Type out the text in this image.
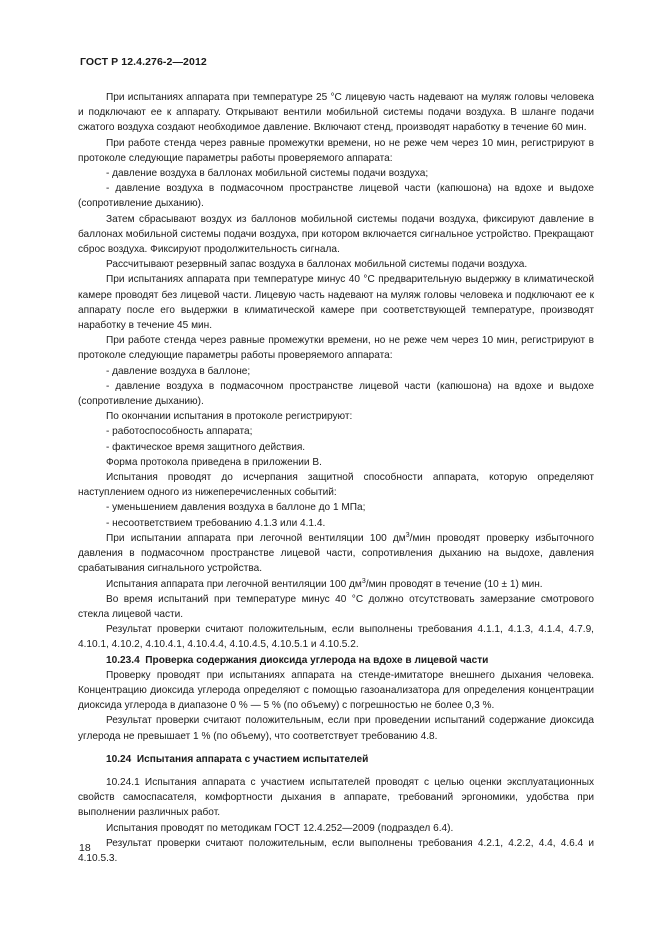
ГОСТ Р 12.4.276-2—2012

При испытаниях аппарата при температуре 25 °С лицевую часть надевают на муляж головы человека и подключают ее к аппарату. Открывают вентили мобильной системы подачи воздуха. В шланге подачи сжатого воздуха создают необходимое давление. Включают стенд, производят наработку в течение 60 мин.

При работе стенда через равные промежутки времени, но не реже чем через 10 мин, регистрируют в протоколе следующие параметры работы проверяемого аппарата:

- давление воздуха в баллонах мобильной системы подачи воздуха;

- давление воздуха в подмасочном пространстве лицевой части (капюшона) на вдохе и выдохе (сопротивление дыханию).

Затем сбрасывают воздух из баллонов мобильной системы подачи воздуха, фиксируют давление в баллонах мобильной системы подачи воздуха, при котором включается сигнальное устройство. Прекращают сброс воздуха. Фиксируют продолжительность сигнала.

Рассчитывают резервный запас воздуха в баллонах мобильной системы подачи воздуха.

При испытаниях аппарата при температуре минус 40 °С предварительную выдержку в климатической камере проводят без лицевой части. Лицевую часть надевают на муляж головы человека и подключают ее к аппарату после его выдержки в климатической камере при соответствующей температуре, производят наработку в течение 45 мин.

При работе стенда через равные промежутки времени, но не реже чем через 10 мин, регистрируют в протоколе следующие параметры работы проверяемого аппарата:

- давление воздуха в баллоне;

- давление воздуха в подмасочном пространстве лицевой части (капюшона) на вдохе и выдохе (сопротивление дыханию).

По окончании испытания в протоколе регистрируют:

- работоспособность аппарата;

- фактическое время защитного действия.

Форма протокола приведена в приложении В.

Испытания проводят до исчерпания защитной способности аппарата, которую определяют наступлением одного из нижеперечисленных событий:

- уменьшением давления воздуха в баллоне до 1 МПа;

- несоответствием требованию 4.1.3 или 4.1.4.

При испытании аппарата при легочной вентиляции 100 $дм^3$/мин проводят проверку избыточного давления в подмасочном пространстве лицевой части, сопротивления дыханию на выдохе, давления срабатывания сигнального устройства.

Испытания аппарата при легочной вентиляции 100 $дм^3$/мин проводят в течение (10 ± 1) мин.

Во время испытаний при температуре минус 40 °С должно отсутствовать замерзание смотрового стекла лицевой части.

Результат проверки считают положительным, если выполнены требования 4.1.1, 4.1.3, 4.1.4, 4.7.9, 4.10.1, 4.10.2, 4.10.4.1, 4.10.4.4, 4.10.4.5, 4.10.5.1 и 4.10.5.2.

10.23.4 Проверка содержания диоксида углерода на вдохе в лицевой части

Проверку проводят при испытаниях аппарата на стенде-имитаторе внешнего дыхания человека. Концентрацию диоксида углерода определяют с помощью газоанализатора для определения концентрации диоксида углерода в диапазоне 0 % — 5 % (по объему) с погрешностью не более 0,3 %.

Результат проверки считают положительным, если при проведении испытаний содержание диоксида углерода не превышает 1 % (по объему), что соответствует требованию 4.8.

10.24 Испытания аппарата с участием испытателей

10.24.1 Испытания аппарата с участием испытателей проводят с целью оценки эксплуатационных свойств самоспасателя, комфортности дыхания в аппарате, требований эргономики, удобства при выполнении различных работ.

Испытания проводят по методикам ГОСТ 12.4.252—2009 (подраздел 6.4).

Результат проверки считают положительным, если выполнены требования 4.2.1, 4.2.2, 4.4, 4.6.4 и 4.10.5.3.

18
